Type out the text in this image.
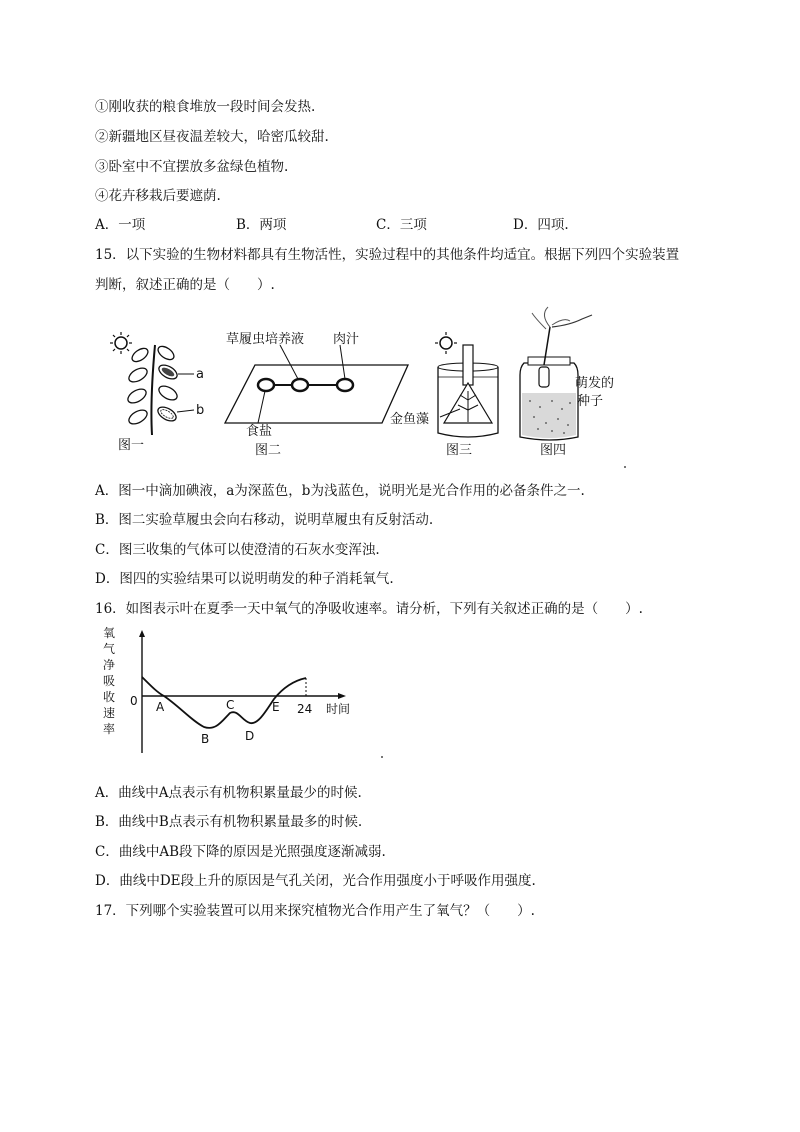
①刚收获的粮食堆放一段时间会发热.
②新疆地区昼夜温差较大，哈密瓜较甜.
③卧室中不宜摆放多盆绿色植物.
④花卉移栽后要遮荫.
A．一项	B．两项	C．三项	D．四项.
15．以下实验的生物材料都具有生物活性，实验过程中的其他条件均适宜。根据下列四个实验装置
判断，叙述正确的是（　　）.
a
b
图一
草履虫培养液 肉汁
食盐
图二
金鱼藻
图三
萌发的
种子
图四
A．图一中滴加碘液，a为深蓝色，b为浅蓝色，说明光是光合作用的必备条件之一.
B．图二实验草履虫会向右移动，说明草履虫有反射活动.
C．图三收集的气体可以使澄清的石灰水变浑浊.
D．图四的实验结果可以说明萌发的种子消耗氧气.
16．如图表示叶在夏季一天中氧气的净吸收速率。请分析，下列有关叙述正确的是（　　）.
氧
气
净
吸
收
速
率
0
时间
24
A
B
C
D
E
A．曲线中A点表示有机物积累量最少的时候.
B．曲线中B点表示有机物积累量最多的时候.
C．曲线中AB段下降的原因是光照强度逐渐减弱.
D．曲线中DE段上升的原因是气孔关闭，光合作用强度小于呼吸作用强度.
17．下列哪个实验装置可以用来探究植物光合作用产生了氧气？（　　）.
